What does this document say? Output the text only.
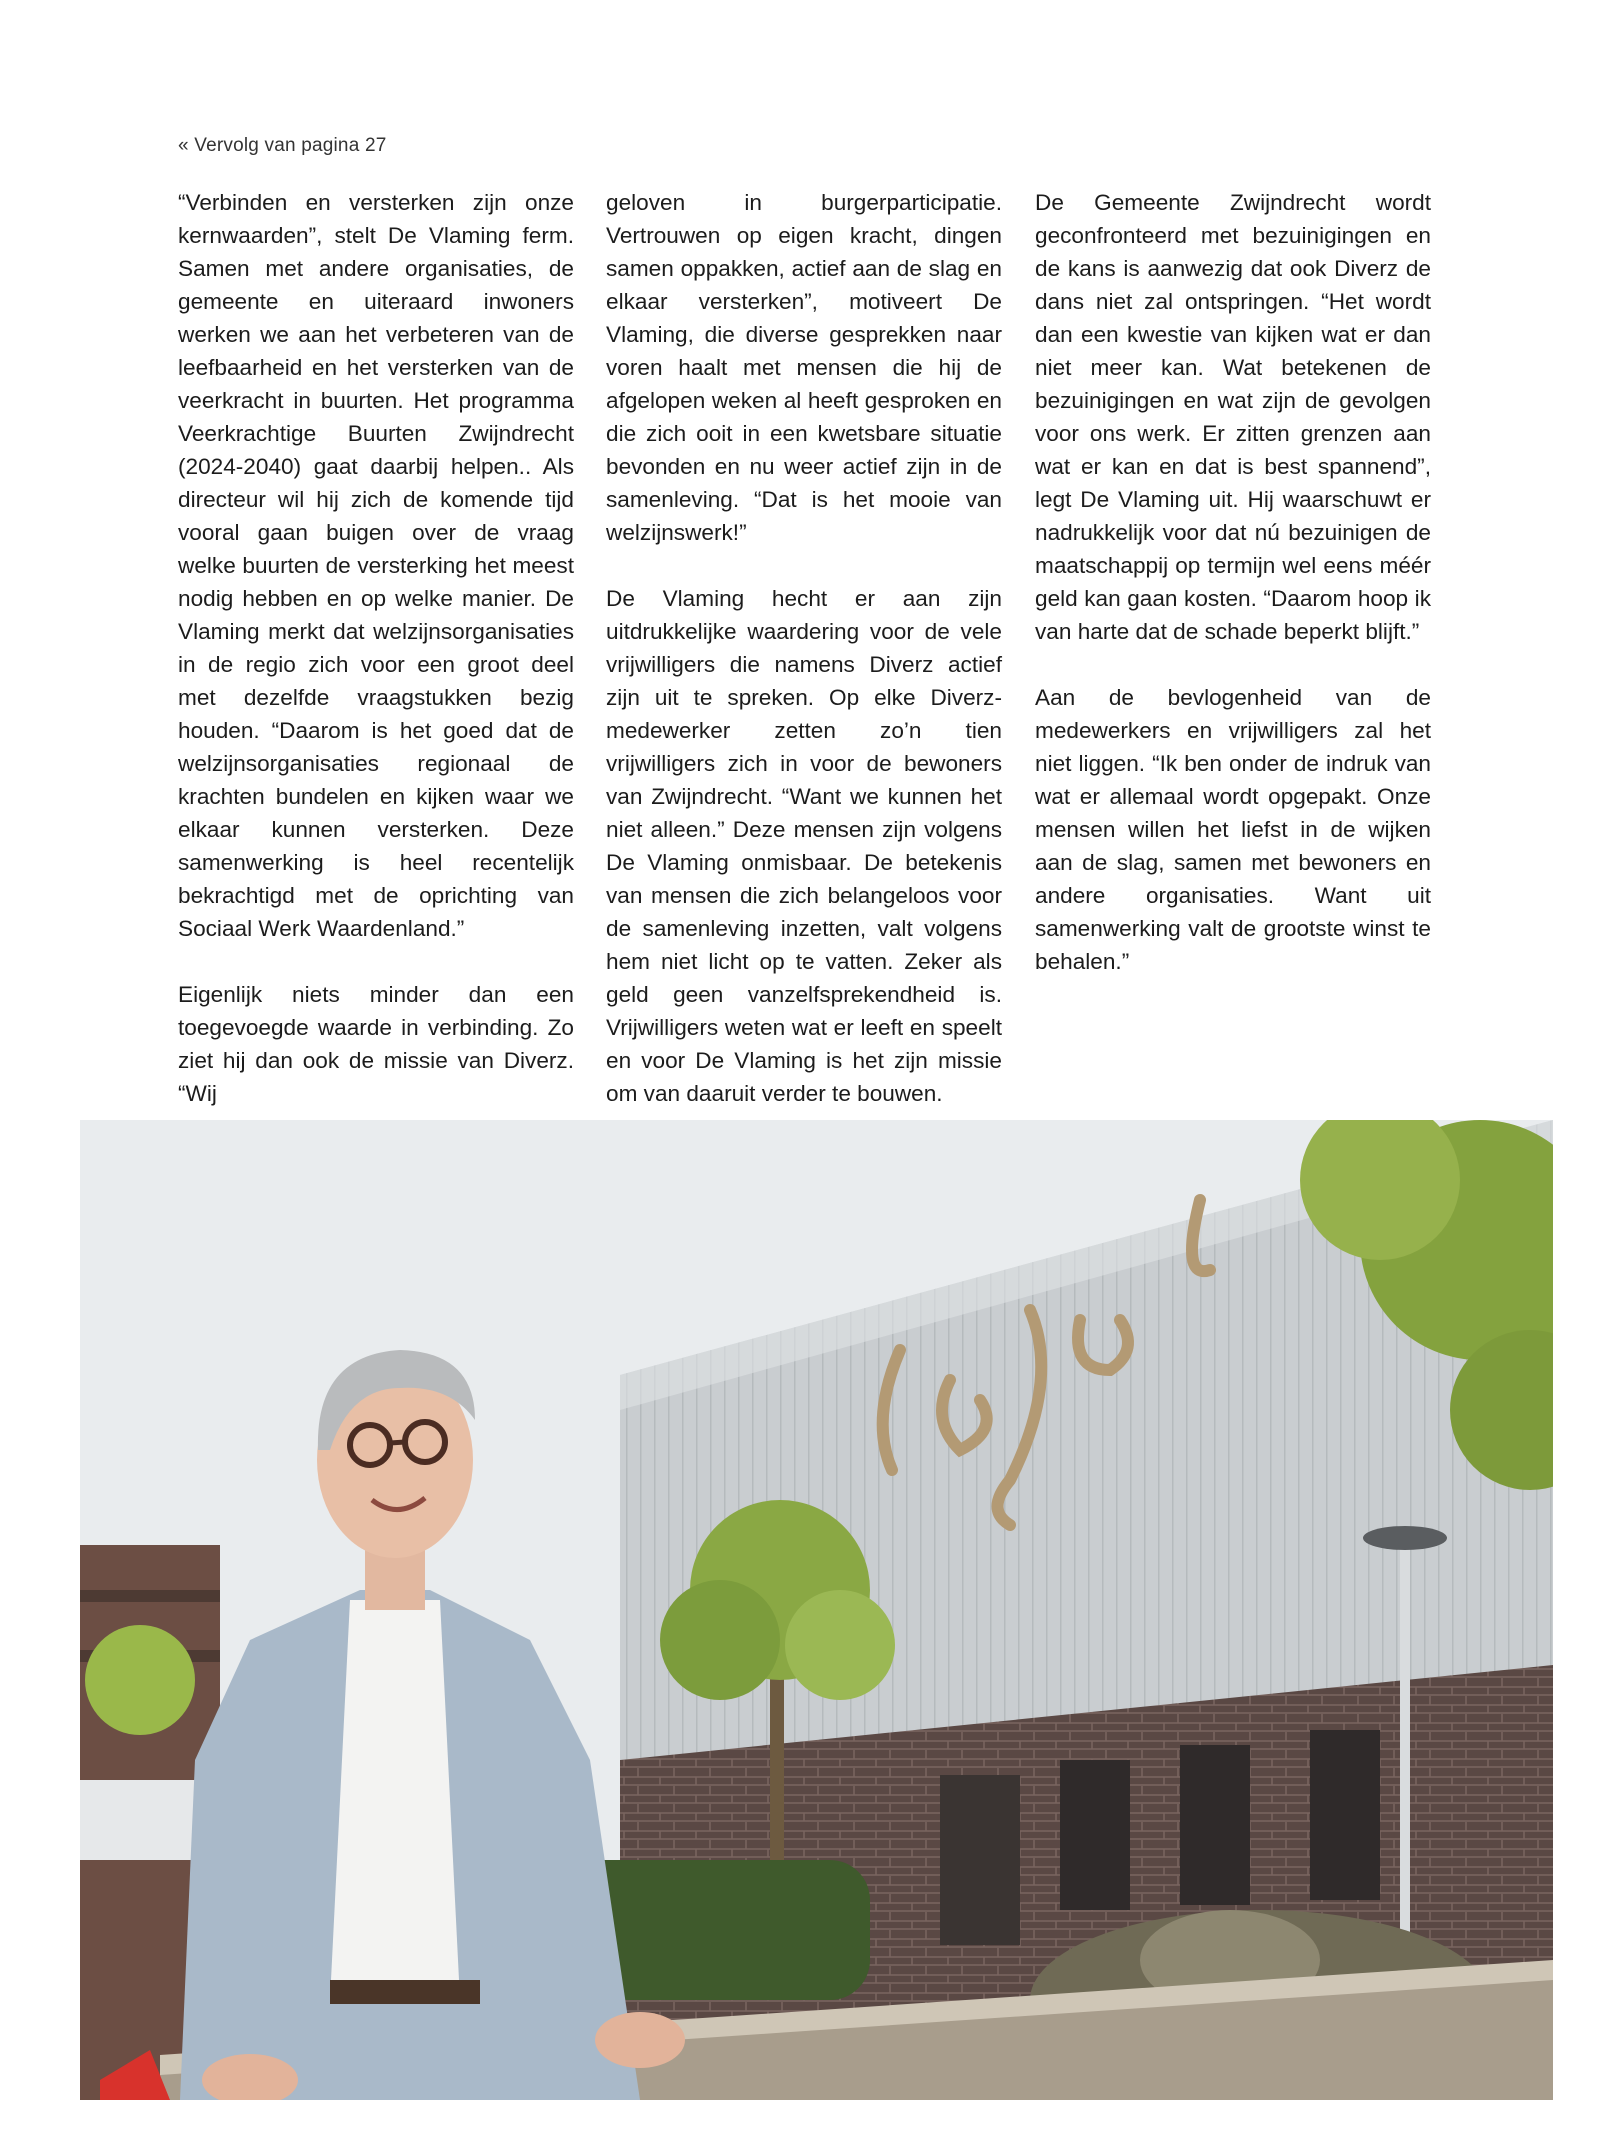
« Vervolg van pagina 27

“Verbinden en versterken zijn onze kernwaarden”, stelt De Vlaming ferm. Samen met andere organisaties, de gemeente en uiteraard inwoners werken we aan het verbeteren van de leefbaarheid en het versterken van de veerkracht in buurten. Het programma Veerkrachtige Buurten Zwijndrecht (2024-2040) gaat daarbij helpen.. Als directeur wil hij zich de komende tijd vooral gaan buigen over de vraag welke buurten de versterking het meest nodig hebben en op welke manier. De Vlaming merkt dat welzijnsorganisaties in de regio zich voor een groot deel met dezelfde vraagstukken bezig houden. “Daarom is het goed dat de welzijnsorganisaties regionaal de krachten bundelen en kijken waar we elkaar kunnen versterken. Deze samenwerking is heel recentelijk bekrachtigd met de oprichting van Sociaal Werk Waardenland.”

Eigenlijk niets minder dan een toegevoegde waarde in verbinding. Zo ziet hij dan ook de missie van Diverz. “Wij

geloven in burgerparticipatie. Vertrouwen op eigen kracht, dingen samen oppakken, actief aan de slag en elkaar versterken”, motiveert De Vlaming, die diverse gesprekken naar voren haalt met mensen die hij de afgelopen weken al heeft gesproken en die zich ooit in een kwetsbare situatie bevonden en nu weer actief zijn in de samenleving. “Dat is het mooie van welzijnswerk!”

De Vlaming hecht er aan zijn uitdrukkelijke waardering voor de vele vrijwilligers die namens Diverz actief zijn uit te spreken. Op elke Diverz-medewerker zetten zo’n tien vrijwilligers zich in voor de bewoners van Zwijndrecht. “Want we kunnen het niet alleen.” Deze mensen zijn volgens De Vlaming onmisbaar. De betekenis van mensen die zich belangeloos voor de samenleving inzetten, valt volgens hem niet licht op te vatten. Zeker als geld geen vanzelfsprekendheid is. Vrijwilligers weten wat er leeft en speelt en voor De Vlaming is het zijn missie om van daaruit verder te bouwen.

De Gemeente Zwijndrecht wordt geconfronteerd met bezuinigingen en de kans is aanwezig dat ook Diverz de dans niet zal ontspringen. “Het wordt dan een kwestie van kijken wat er dan niet meer kan. Wat betekenen de bezuinigingen en wat zijn de gevolgen voor ons werk. Er zitten grenzen aan wat er kan en dat is best spannend”, legt De Vlaming uit. Hij waarschuwt er nadrukkelijk voor dat nú bezuinigen de maatschappij op termijn wel eens méér geld kan gaan kosten. “Daarom hoop ik van harte dat de schade beperkt blijft.”

Aan de bevlogenheid van de medewerkers en vrijwilligers zal het niet liggen. “Ik ben onder de indruk van wat er allemaal wordt opgepakt. Onze mensen willen het liefst in de wijken aan de slag, samen met bewoners en andere organisaties. Want uit samenwerking valt de grootste winst te behalen.”
